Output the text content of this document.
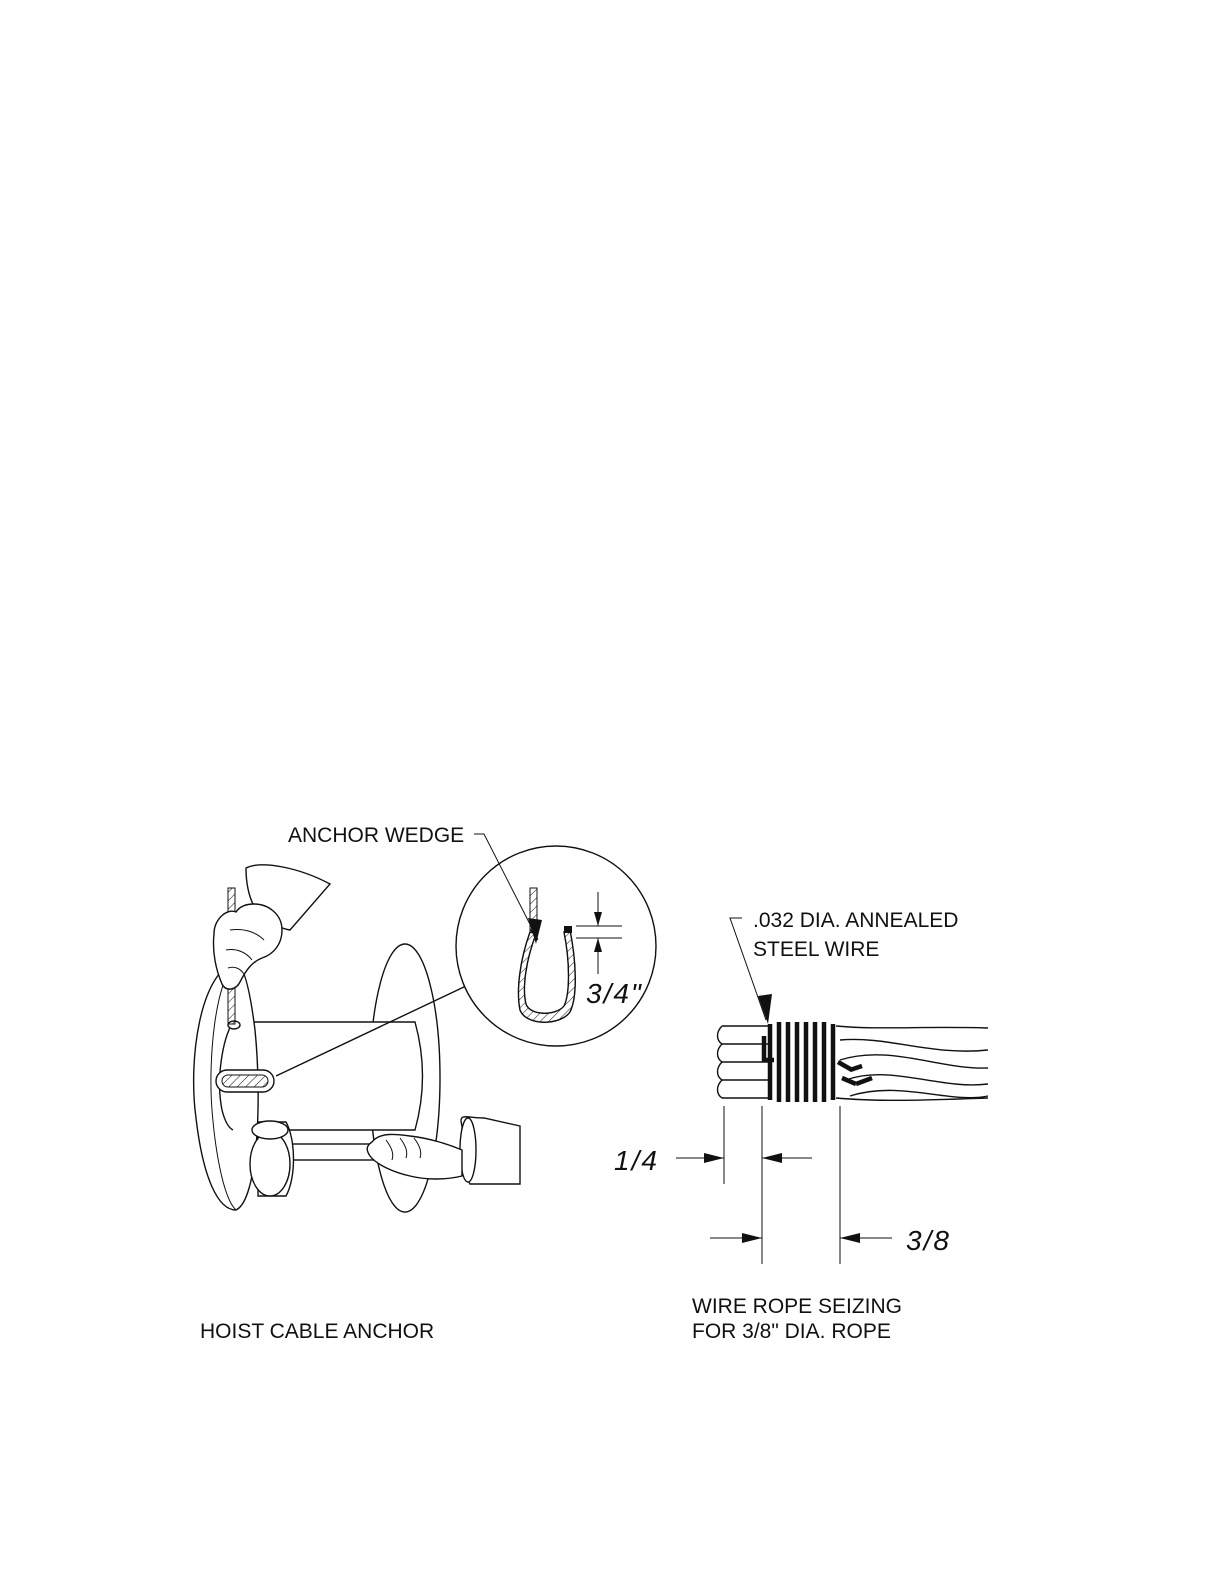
ANCHOR WEDGE
3/4"
HOIST CABLE ANCHOR
.032 DIA. ANNEALED
STEEL WIRE
1/4
3/8
WIRE ROPE SEIZING
FOR 3/8" DIA. ROPE
